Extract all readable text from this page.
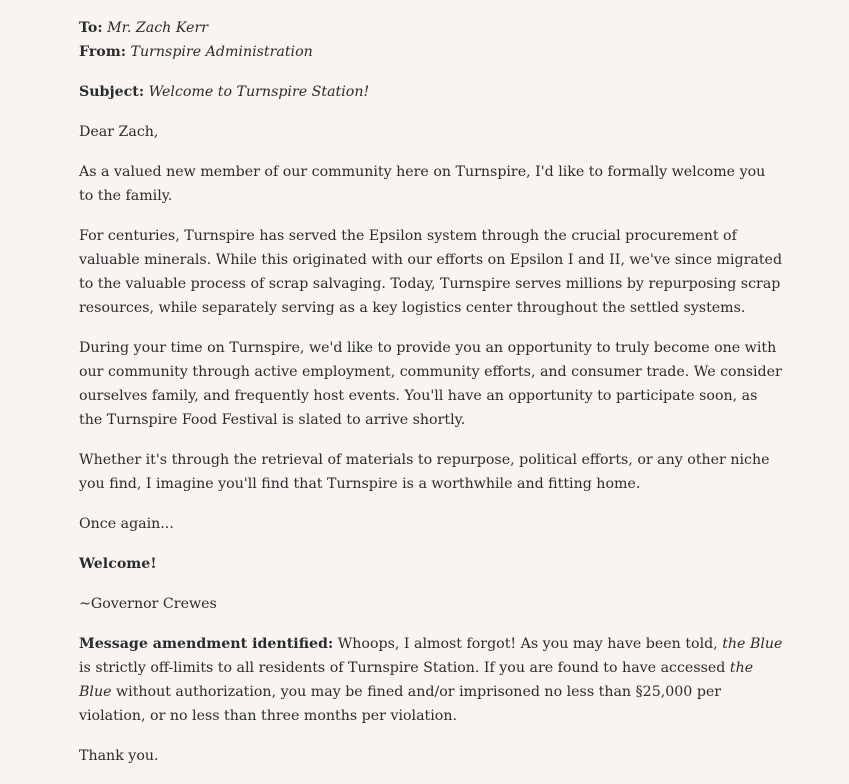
To: Mr. Zach Kerr

From: Turnspire Administration

Subject: Welcome to Turnspire Station!

Dear Zach,

As a valued new member of our community here on Turnspire, I'd like to formally welcome you to the family.

For centuries, Turnspire has served the Epsilon system through the crucial procurement of valuable minerals. While this originated with our efforts on Epsilon I and II, we've since migrated to the valuable process of scrap salvaging. Today, Turnspire serves millions by repurposing scrap resources, while separately serving as a key logistics center throughout the settled systems.

During your time on Turnspire, we'd like to provide you an opportunity to truly become one with our community through active employment, community efforts, and consumer trade. We consider ourselves family, and frequently host events. You'll have an opportunity to participate soon, as the Turnspire Food Festival is slated to arrive shortly.

Whether it's through the retrieval of materials to repurpose, political efforts, or any other niche you find, I imagine you'll find that Turnspire is a worthwhile and fitting home.

Once again...

Welcome!

~Governor Crewes

Message amendment identified: Whoops, I almost forgot! As you may have been told, the Blue is strictly off-limits to all residents of Turnspire Station. If you are found to have accessed the Blue without authorization, you may be fined and/or imprisoned no less than §25,000 per violation, or no less than three months per violation.

Thank you.
